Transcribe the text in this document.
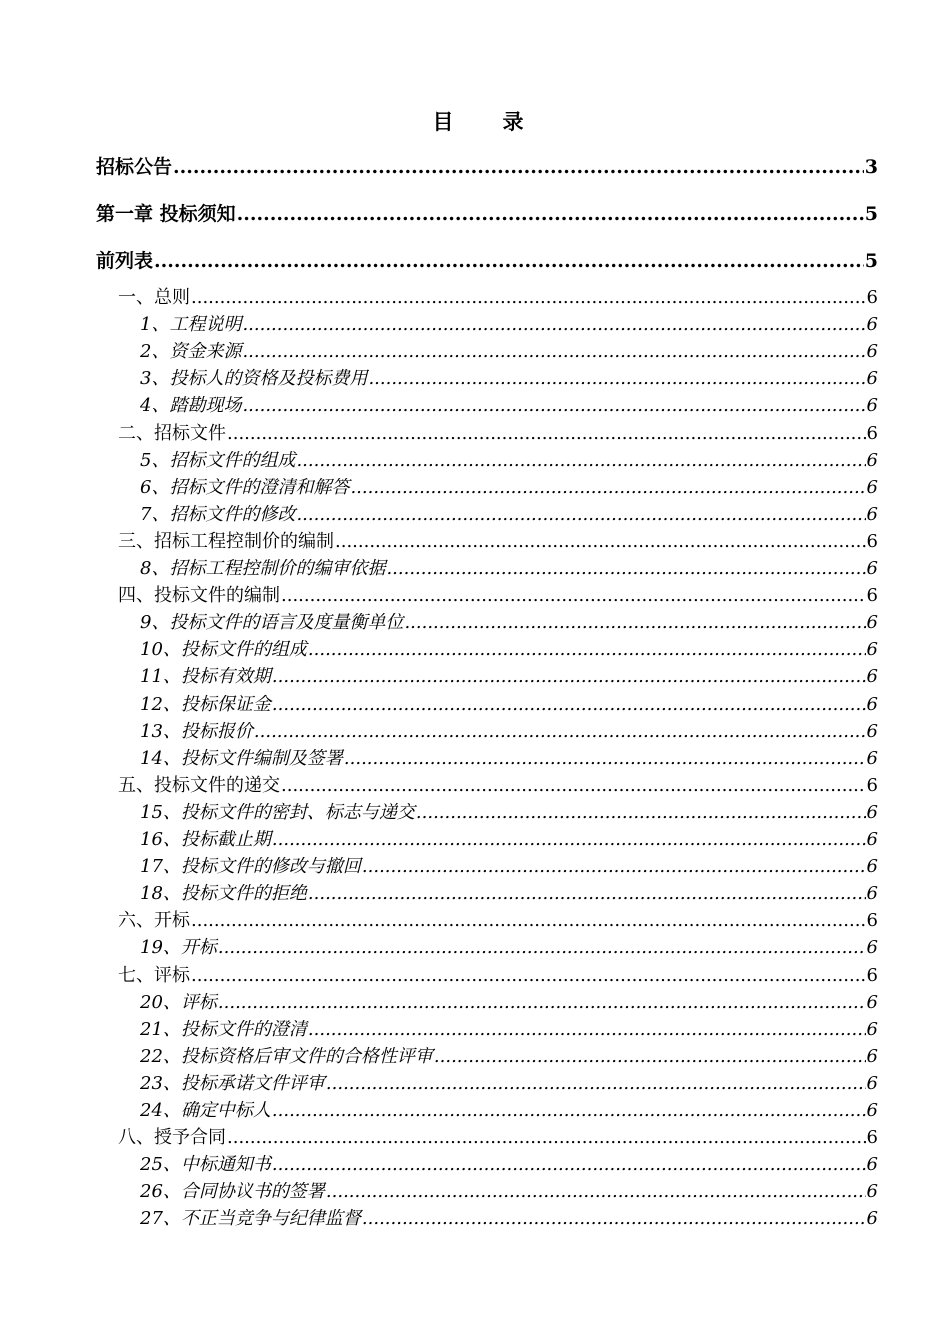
目　录
招标公告 .....	3
第一章 投标须知 .....	5
前列表 .....	5
一、总则 .....	6
1、工程说明 .....	6
2、资金来源 .....	6
3、投标人的资格及投标费用 .....	6
4、踏勘现场 .....	6
二、招标文件 .....	6
5、招标文件的组成 .....	6
6、招标文件的澄清和解答 .....	6
7、招标文件的修改 .....	6
三、招标工程控制价的编制 .....	6
8、招标工程控制价的编审依据 .....	6
四、投标文件的编制 .....	6
9、投标文件的语言及度量衡单位 .....	6
10、投标文件的组成 .....	6
11、投标有效期 .....	6
12、投标保证金 .....	6
13、投标报价 .....	6
14、投标文件编制及签署 .....	6
五、投标文件的递交 .....	6
15、投标文件的密封、标志与递交 .....	6
16、投标截止期 .....	6
17、投标文件的修改与撤回 .....	6
18、投标文件的拒绝 .....	6
六、开标 .....	6
19、开标 .....	6
七、评标 .....	6
20、评标 .....	6
21、投标文件的澄清 .....	6
22、投标资格后审文件的合格性评审 .....	6
23、投标承诺文件评审 .....	6
24、确定中标人 .....	6
八、授予合同 .....	6
25、中标通知书 .....	6
26、合同协议书的签署 .....	6
27、不正当竞争与纪律监督 .....	6
